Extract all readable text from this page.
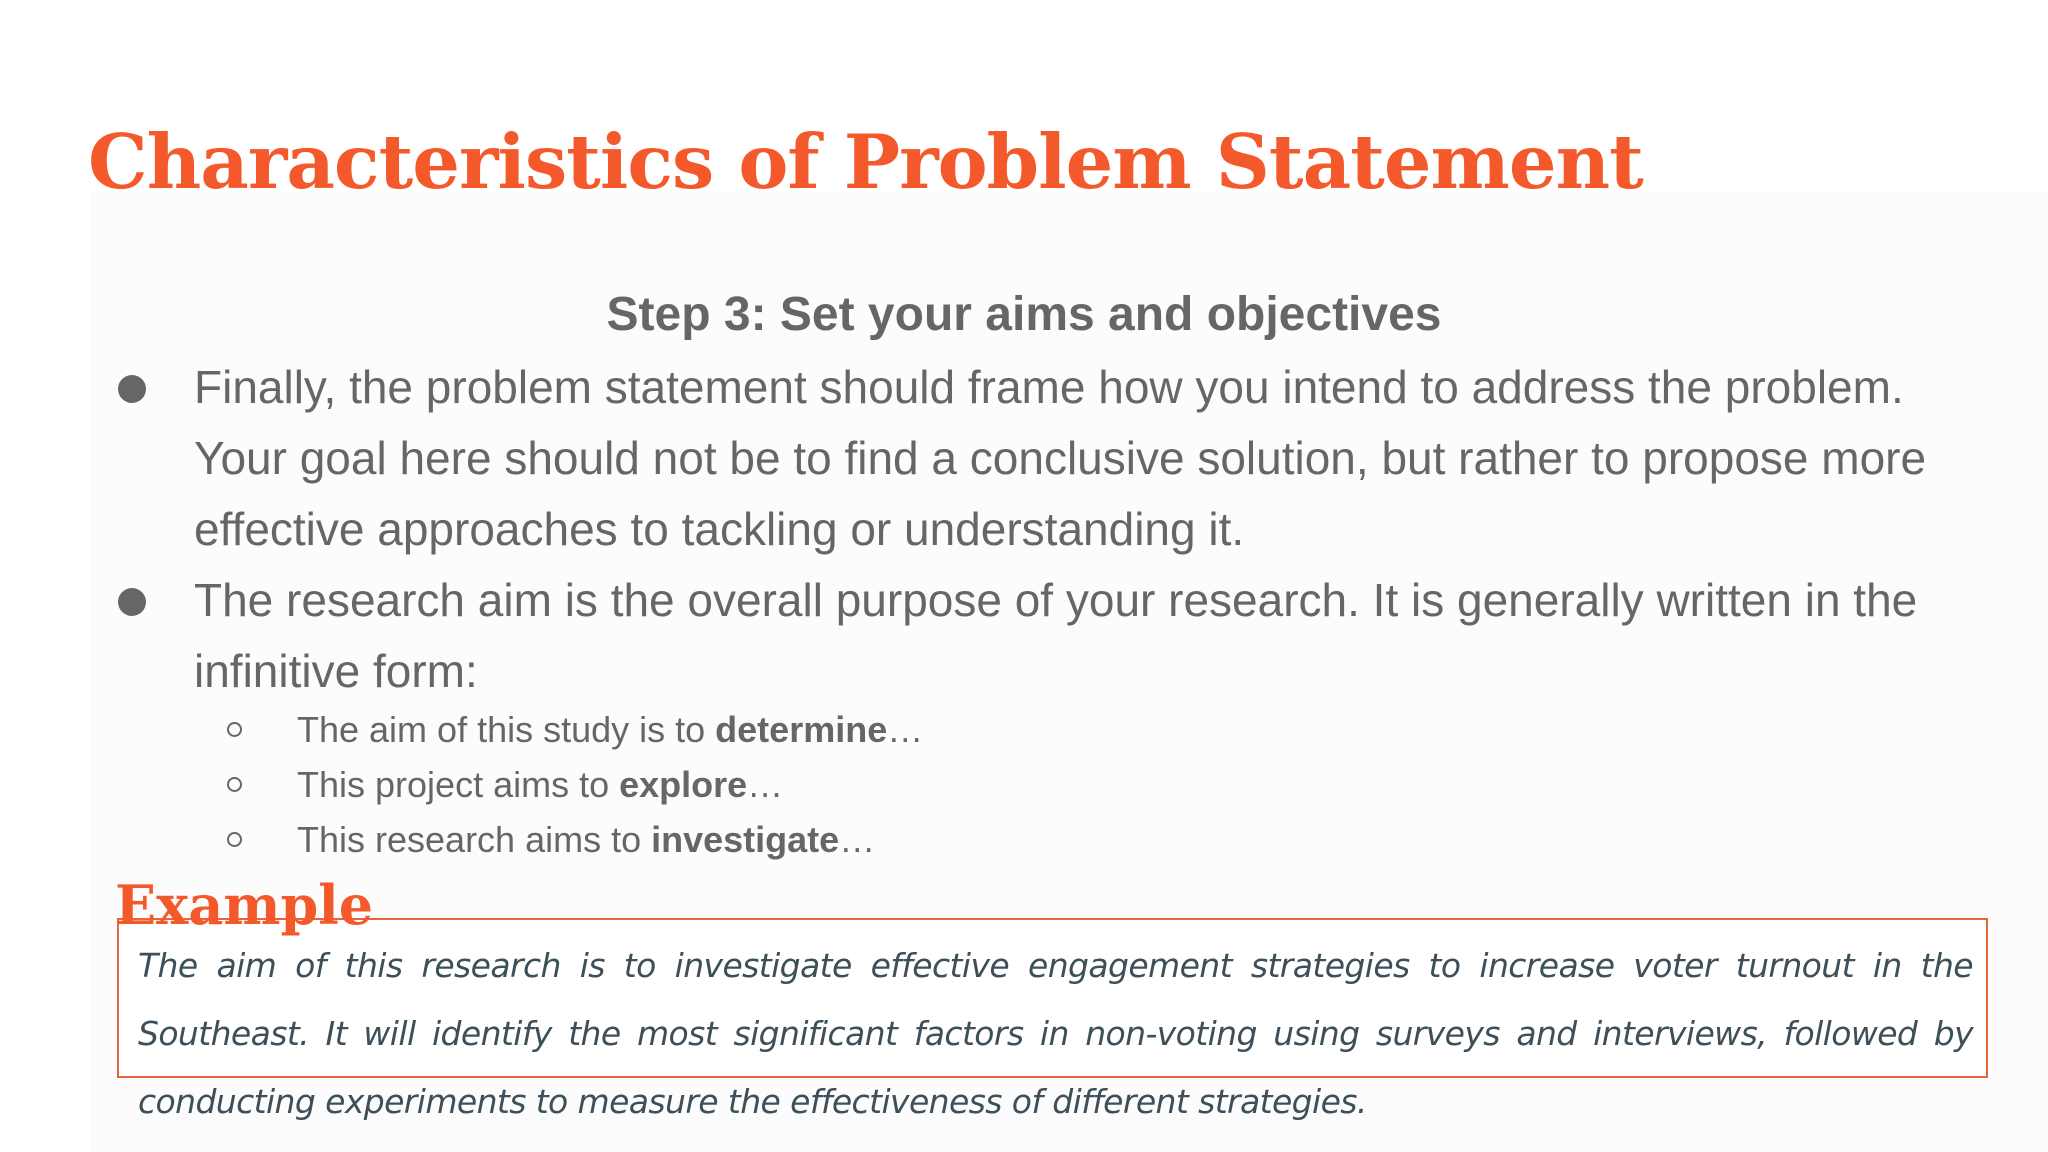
Characteristics of Problem Statement
Step 3: Set your aims and objectives
Finally, the problem statement should frame how you intend to address the problem. Your goal here should not be to find a conclusive solution, but rather to propose more effective approaches to tackling or understanding it.
The research aim is the overall purpose of your research. It is generally written in the infinitive form:
The aim of this study is to determine…
This project aims to explore…
This research aims to investigate…
Example

The aim of this research is to investigate effective engagement strategies to increase voter turnout in the Southeast. It will identify the most significant factors in non-voting using surveys and interviews, followed by conducting experiments to measure the effectiveness of different strategies.
